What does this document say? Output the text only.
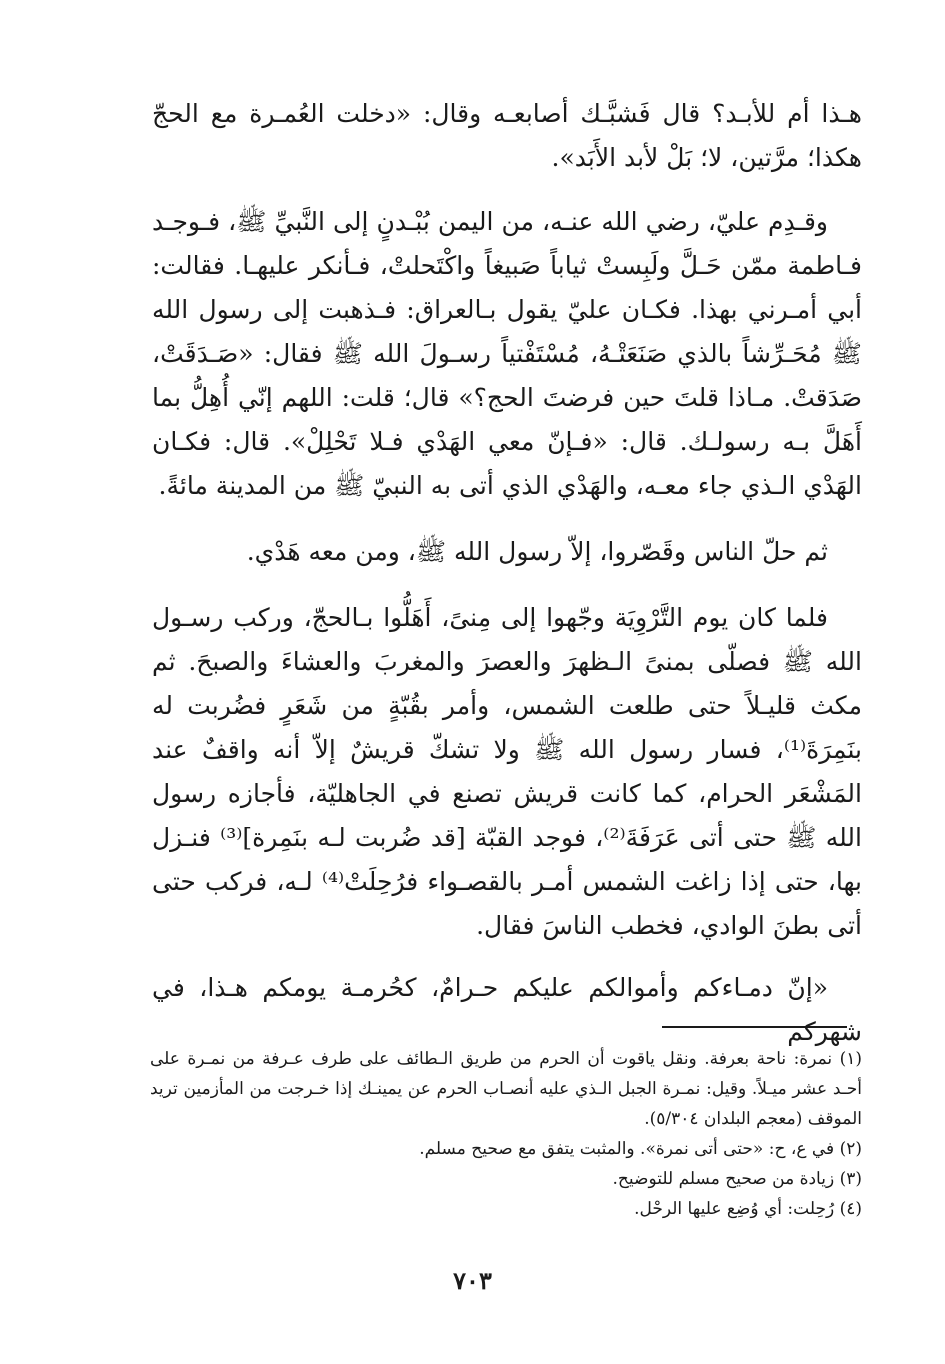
هـذا أم للأبـد؟ قال فَشبَّـك أصابعـه وقال: «دخلت العُمـرة مع الحجّ هكذا؛ مرَّتين، لا؛ بَلْ لأبد الأَبَد».

وقـدِم عليّ، رضي الله عنـه، من اليمن بُبْـدنٍ إلى النَّبيِّ ﷺ، فـوجـد فـاطمة ممّن حَـلَّ ولَبِستْ ثياباً صَبيغاً واكْتَحلتْ، فـأنكر عليهـا. فقالت: أبي أمـرني بهذا. فكـان عليّ يقول بـالعراق: فـذهبت إلى رسول الله ﷺ مُحَـرِّشاً بالذي صَنَعَتْـهُ، مُسْتَفْتياً رسـولَ الله ﷺ فقال: «صَـدَقَتْ، صَدَقتْ. مـاذا قلتَ حين فرضتَ الحج؟» قال؛ قلت: اللهم إنّي أُهِلُّ بما أَهَلَّ بـه رسولـك. قال: «فـإنّ معي الهَدْي فـلا تَحْلِلْ». قال: فكـان الهَدْي الـذي جاء معـه، والهَدْي الذي أتى به النبيّ ﷺ من المدينة مائةً.

ثم حلّ الناس وقَصّروا، إلاّ رسول الله ﷺ، ومن معه هَدْي.

فلما كان يوم التَّرْوِيَة وجّهوا إلى مِنىً، أَهَلُّوا بـالحجّ، وركب رسـول الله ﷺ فصلّى بمنىً الـظهرَ والعصرَ والمغربَ والعشاءَ والصبحَ. ثم مكث قليـلاً حتى طلعت الشمس، وأمر بقُبّةٍ من شَعَرٍ فضُربت له بنَمِرَةَ⁽¹⁾، فسار رسول الله ﷺ ولا تشكّ قريشٌ إلاّ أنه واقفٌ عند المَشْعَر الحرام، كما كانت قريش تصنع في الجاهليّة، فأجازه رسول الله ﷺ حتى أتى عَرَفَةَ⁽²⁾، فوجد القبّة [قد ضُربت لـه بنَمِرة]⁽³⁾ فنـزل بها، حتى إذا زاغت الشمس أمـر بالقصـواء فرُحِلَتْ⁽⁴⁾ لـه، فركب حتى أتى بطنَ الوادي، فخطب الناسَ فقال.

«إنّ دمـاءكم وأموالكم عليكم حـرامٌ، كحُرمـة يومكم هـذا، في شهركم

(١) نمرة: ناحة بعرفة. ونقل ياقوت أن الحرم من طريق الـطائف على طرف عـرفة من نمـرة على أحـد عشر ميـلاً. وقيل: نمـرة الجبل الـذي عليه أنصـاب الحرم عن يمينـك إذا خـرجت من المأزمين تريد الموقف (معجم البلدان ٥/٣٠٤).

(٢) في ع، ح: «حتى أتى نمرة». والمثبت يتفق مع صحيح مسلم.

(٣) زيادة من صحيح مسلم للتوضيح.

(٤) رُحِلت: أي وُضِع عليها الرحْل.

٧٠٣
